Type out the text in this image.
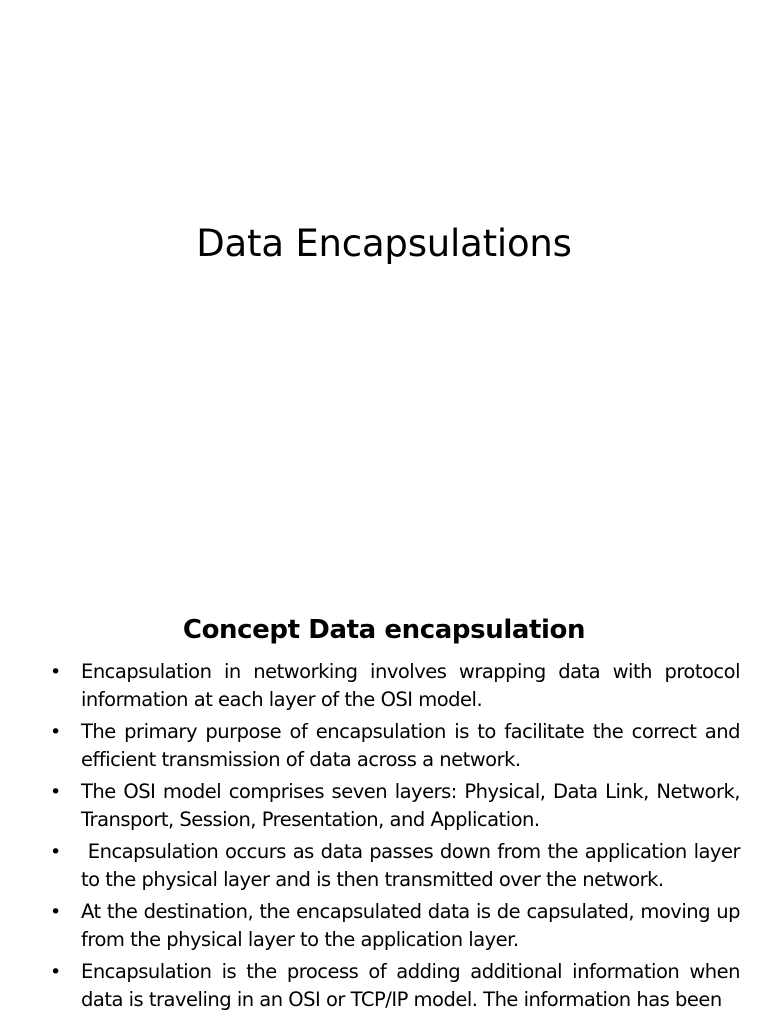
Data Encapsulations
Concept Data encapsulation
•	Encapsulation in networking involves wrapping data with protocol information at each layer of the OSI model.
•	The primary purpose of encapsulation is to facilitate the correct and efficient transmission of data across a network.
•	The OSI model comprises seven layers: Physical, Data Link, Network, Transport, Session, Presentation, and Application.
•	Encapsulation occurs as data passes down from the application layer to the physical layer and is then transmitted over the network.
•	At the destination, the encapsulated data is de capsulated, moving up from the physical layer to the application layer.
•	Encapsulation is the process of adding additional information when data is traveling in an OSI or TCP/IP model. The information has been
